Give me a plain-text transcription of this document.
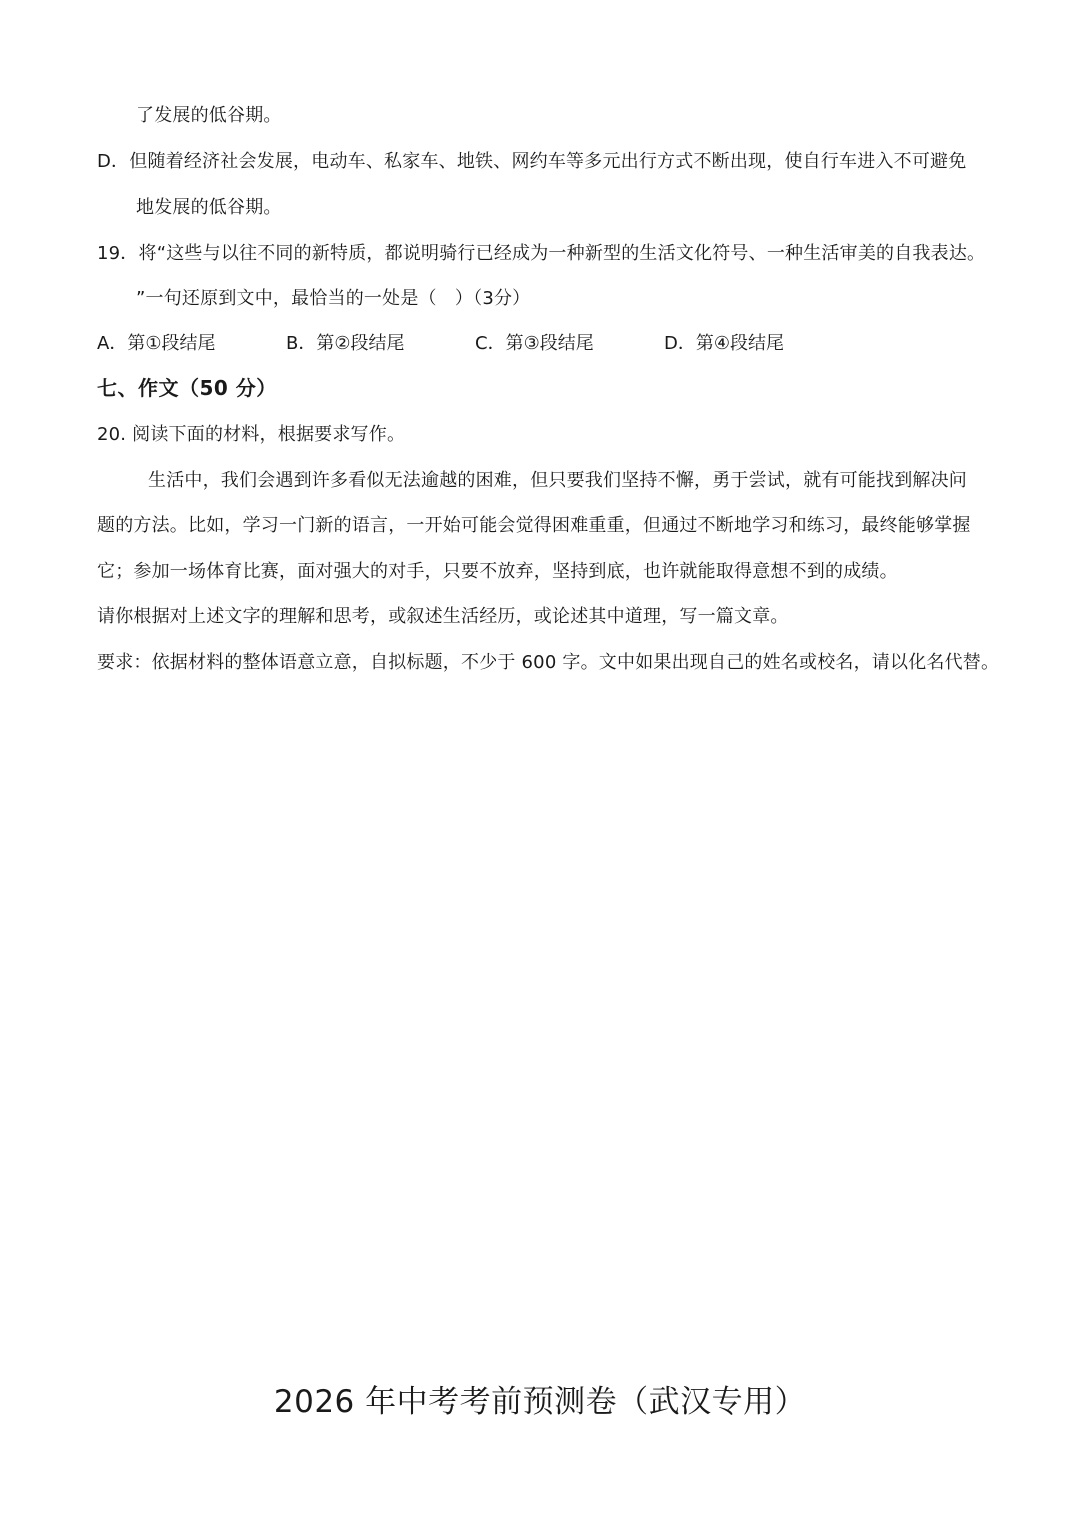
了发展的低谷期。
D．但随着经济社会发展，电动车、私家车、地铁、网约车等多元出行方式不断出现，使自行车进入不可避免
地发展的低谷期。
19．将“这些与以往不同的新特质，都说明骑行已经成为一种新型的生活文化符号、一种生活审美的自我表达。
”一句还原到文中，最恰当的一处是（　）（3分）
A．第①段结尾	B．第②段结尾	C．第③段结尾	D．第④段结尾
七、作文（50 分）
20. 阅读下面的材料，根据要求写作。
生活中，我们会遇到许多看似无法逾越的困难，但只要我们坚持不懈，勇于尝试，就有可能找到解决问
题的方法。比如，学习一门新的语言，一开始可能会觉得困难重重，但通过不断地学习和练习，最终能够掌握
它；参加一场体育比赛，面对强大的对手，只要不放弃，坚持到底，也许就能取得意想不到的成绩。
请你根据对上述文字的理解和思考，或叙述生活经历，或论述其中道理，写一篇文章。
要求：依据材料的整体语意立意，自拟标题，不少于 600 字。文中如果出现自己的姓名或校名，请以化名代替。
2026 年中考考前预测卷（武汉专用）
